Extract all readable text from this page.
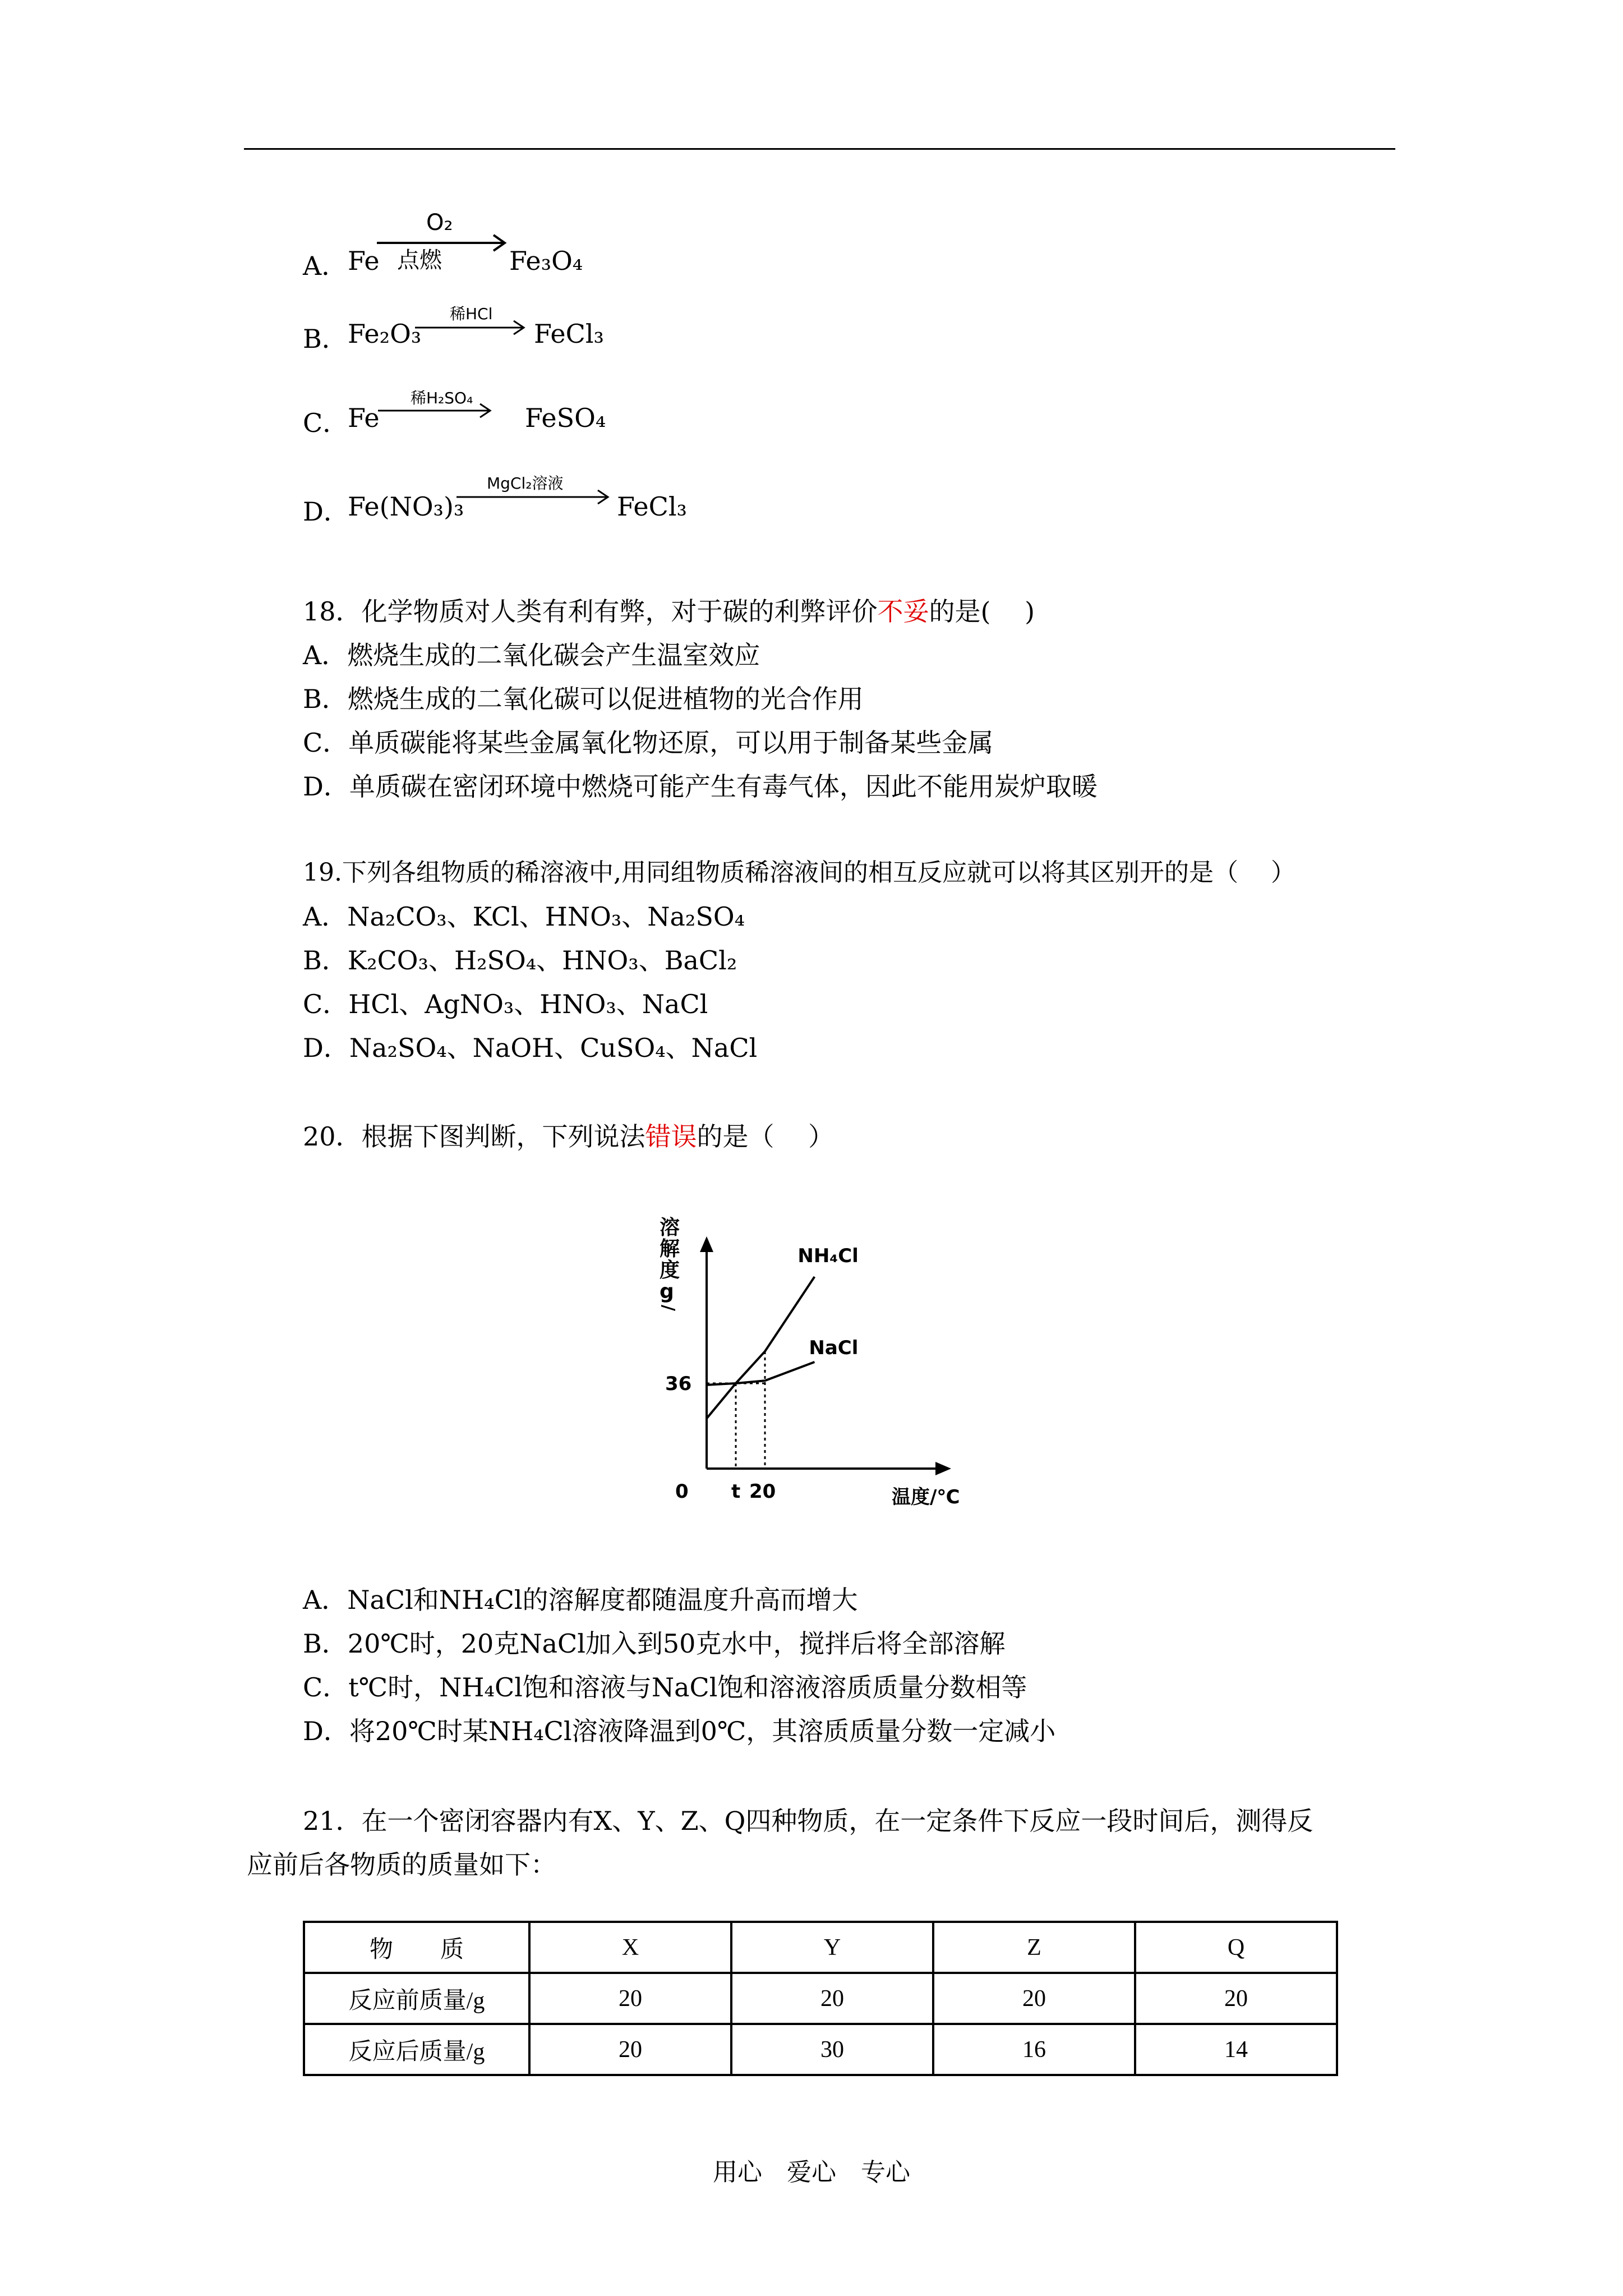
A． Fe
O₂
点燃	Fe₃O₄
B． Fe₂O₃
稀HCl
FeCl₃
C．
Fe
稀H₂SO₄
FeSO₄
D．
Fe(NO₃)₃
MgCl₂溶液
FeCl₃
18．化学物质对人类有利有弊，对于碳的利弊评价不妥的是(　 )
A．燃烧生成的二氧化碳会产生温室效应
B．燃烧生成的二氧化碳可以促进植物的光合作用
C．单质碳能将某些金属氧化物还原，可以用于制备某些金属
D．单质碳在密闭环境中燃烧可能产生有毒气体，因此不能用炭炉取暖
19.下列各组物质的稀溶液中,用同组物质稀溶液间的相互反应就可以将其区别开的是（　 ）
A．Na₂CO₃、KCl、HNO₃、Na₂SO₄
B．K₂CO₃、H₂SO₄、HNO₃、BaCl₂
C．HCl、AgNO₃、HNO₃、NaCl
D．Na₂SO₄、NaOH、CuSO₄、NaCl
20．根据下图判断，下列说法错误的是（　 ）
溶
解
度
g
/
温度/℃
0 t 20
36
NH₄Cl
NaCl
A．NaCl和NH₄Cl的溶解度都随温度升高而增大
B．20℃时，20克NaCl加入到50克水中，搅拌后将全部溶解
C．t℃时，NH₄Cl饱和溶液与NaCl饱和溶液溶质质量分数相等
D．将20℃时某NH₄Cl溶液降温到0℃，其溶质质量分数一定减小
21．在一个密闭容器内有X、Y、Z、Q四种物质，在一定条件下反应一段时间后，测得反
应前后各物质的质量如下：
物　　质	X	Y	Z	Q
反应前质量/g	20	20	20	20
反应后质量/g	20	30	16	14
用心　爱心　专心
